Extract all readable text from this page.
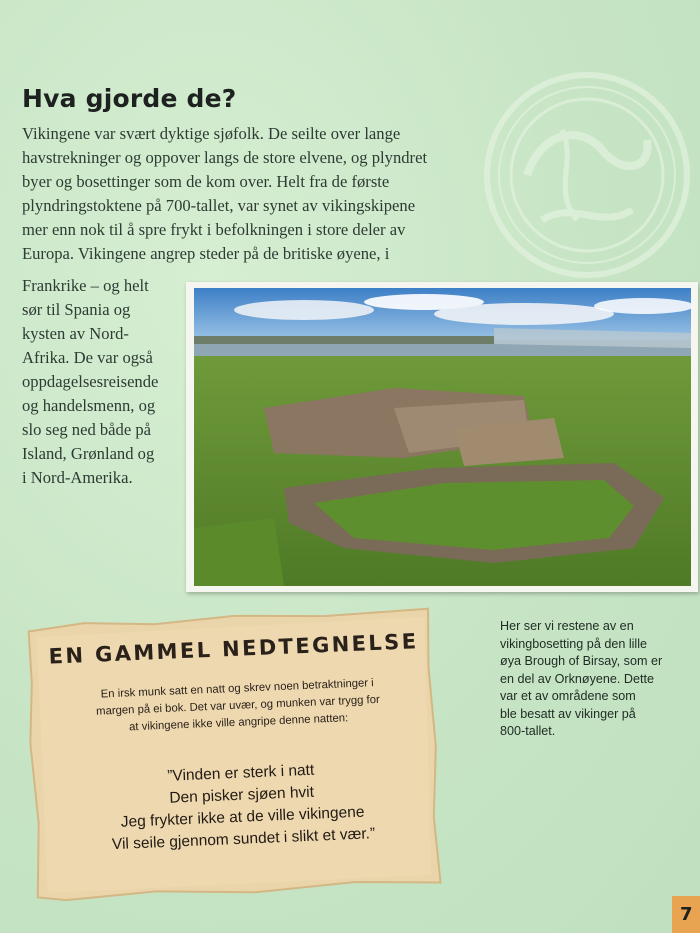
Hva gjorde de?

Vikingene var svært dyktige sjøfolk. De seilte over lange
havstrekninger og oppover langs de store elvene, og plyndret
byer og bosettinger som de kom over. Helt fra de første
plyndringstoktene på 700-tallet, var synet av vikingskipene
mer enn nok til å spre frykt i befolkningen i store deler av
Europa. Vikingene angrep steder på de britiske øyene, i

Frankrike – og helt
sør til Spania og
kysten av Nord-
Afrika. De var også
oppdagelsesreisende
og handelsmenn, og
slo seg ned både på
Island, Grønland og
i Nord-Amerika.

Her ser vi restene av en
vikingbosetting på den lille
øya Brough of Birsay, som er
en del av Orknøyene. Dette
var et av områdene som
ble besatt av vikinger på
800-tallet.

EN GAMMEL NEDTEGNELSE

En irsk munk satt en natt og skrev noen betraktninger i
margen på ei bok. Det var uvær, og munken var trygg for
at vikingene ikke ville angripe denne natten:

”Vinden er sterk i natt
Den pisker sjøen hvit
Jeg frykter ikke at de ville vikingene
Vil seile gjennom sundet i slikt et vær.”

7
